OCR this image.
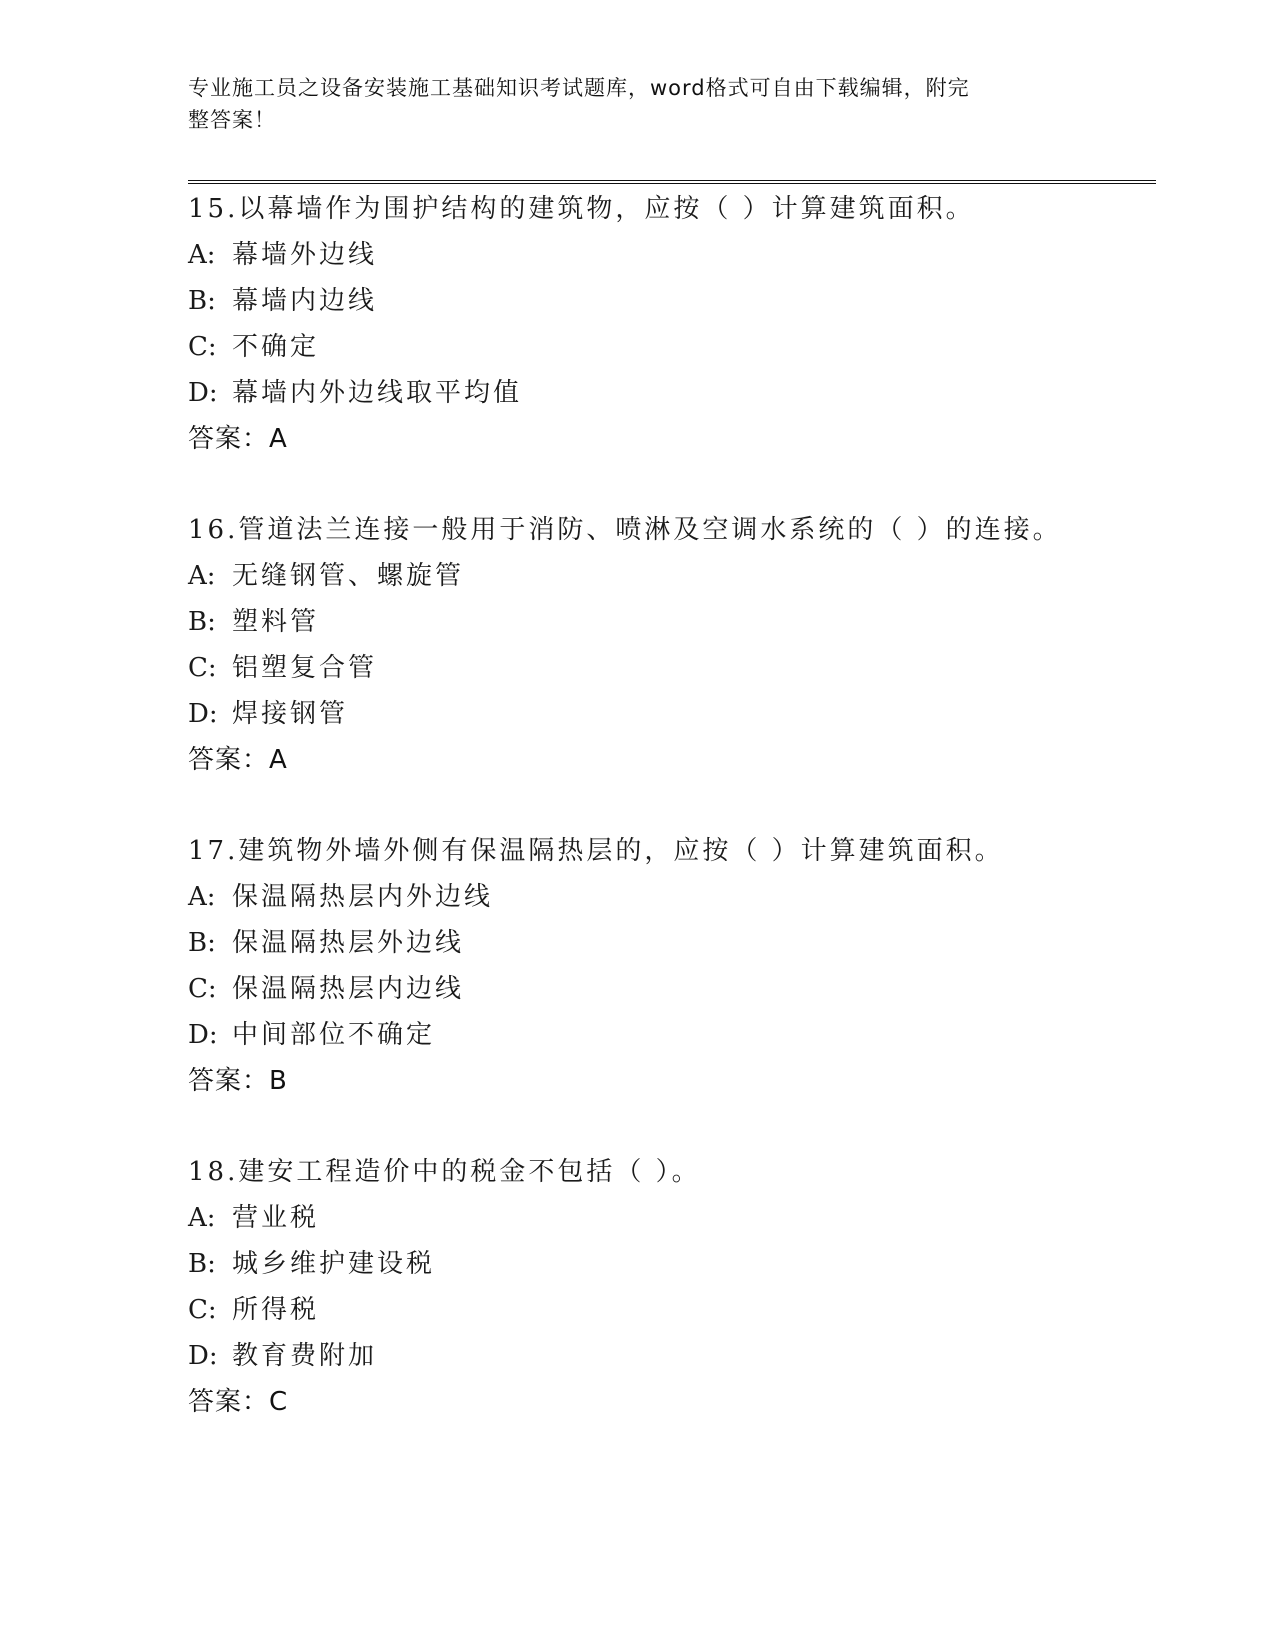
专业施工员之设备安装施工基础知识考试题库，word格式可自由下载编辑，附完
整答案！
15.以幕墙作为围护结构的建筑物，应按（ ）计算建筑面积。
A: 幕墙外边线
B: 幕墙内边线
C: 不确定
D: 幕墙内外边线取平均值
答案：A
16.管道法兰连接一般用于消防、喷淋及空调水系统的（ ）的连接。
A: 无缝钢管、螺旋管
B: 塑料管
C: 铝塑复合管
D: 焊接钢管
答案：A
17.建筑物外墙外侧有保温隔热层的，应按（ ）计算建筑面积。
A: 保温隔热层内外边线
B: 保温隔热层外边线
C: 保温隔热层内边线
D: 中间部位不确定
答案：B
18.建安工程造价中的税金不包括（ ）。
A: 营业税
B: 城乡维护建设税
C: 所得税
D: 教育费附加
答案：C
